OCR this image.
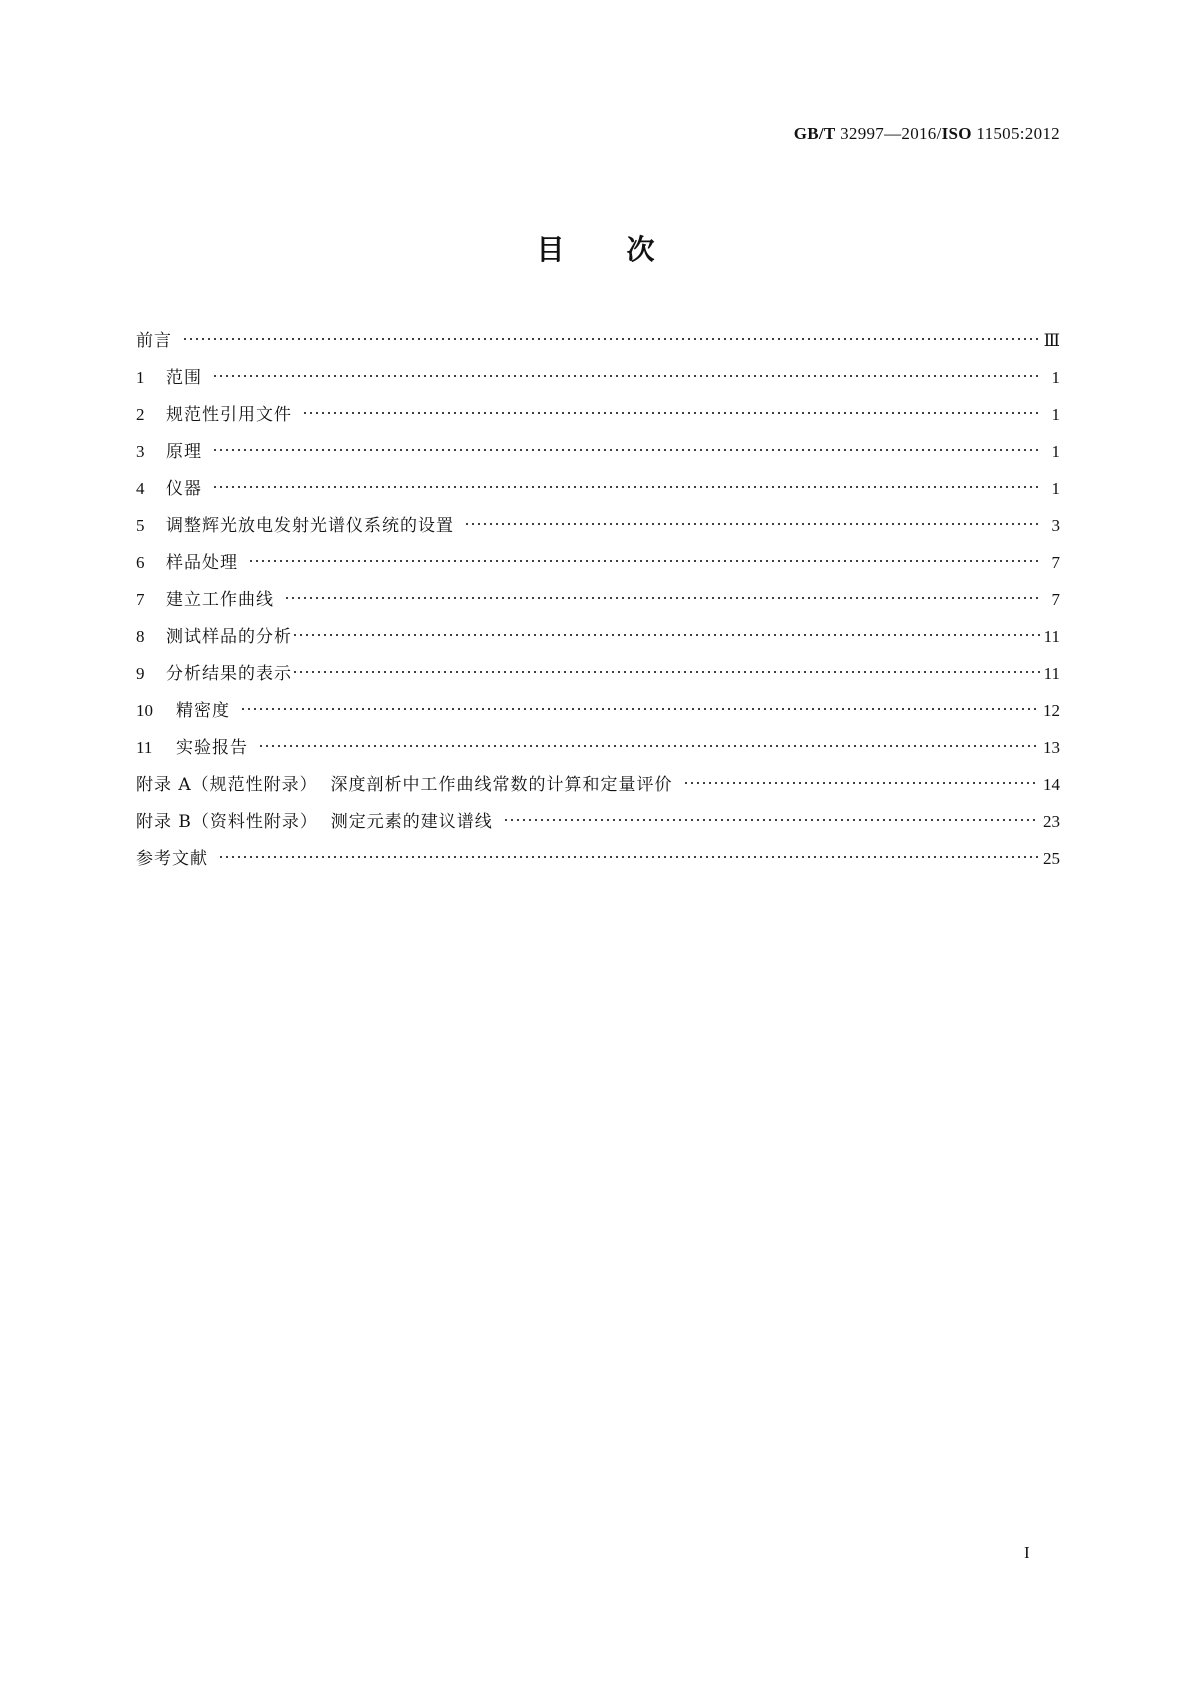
GB/T 32997—2016/ISO 11505:2012
目 次
前言	Ⅲ
1	范围	1
2	规范性引用文件	1
3	原理	1
4	仪器	1
5	调整辉光放电发射光谱仪系统的设置	3
6	样品处理	7
7	建立工作曲线	7
8	测试样品的分析	11
9	分析结果的表示	11
10	精密度	12
11	实验报告	13
附录 A（规范性附录）  深度剖析中工作曲线常数的计算和定量评价	14
附录 B（资料性附录）  测定元素的建议谱线	23
参考文献	25
I
